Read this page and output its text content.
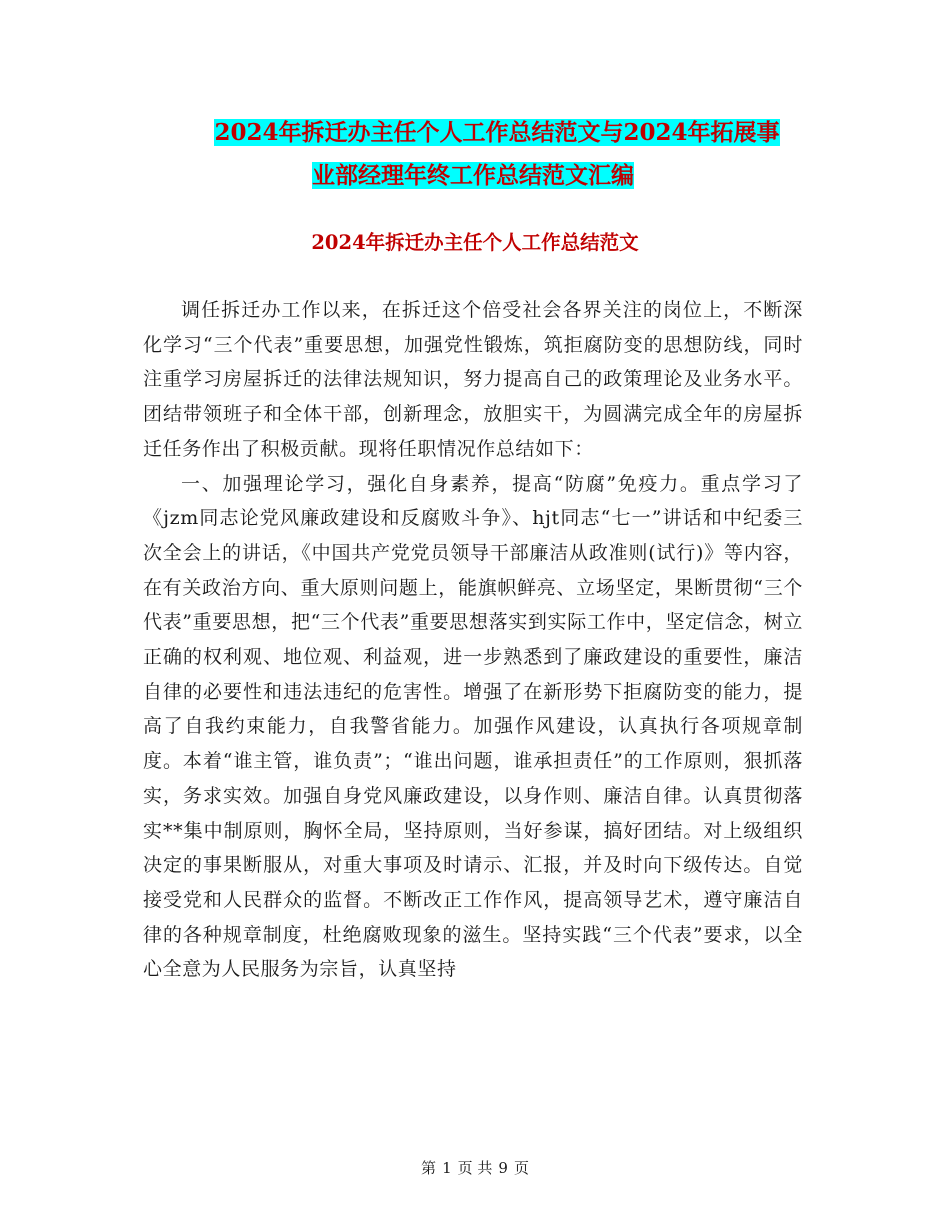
2024年拆迁办主任个人工作总结范文与2024年拓展事
业部经理年终工作总结范文汇编
2024年拆迁办主任个人工作总结范文

调任拆迁办工作以来，在拆迁这个倍受社会各界关注的岗位上，不断深化学习“三个代表”重要思想，加强党性锻炼，筑拒腐防变的思想防线，同时注重学习房屋拆迁的法律法规知识，努力提高自己的政策理论及业务水平。团结带领班子和全体干部，创新理念，放胆实干，为圆满完成全年的房屋拆迁任务作出了积极贡献。现将任职情况作总结如下：

一、加强理论学习，强化自身素养，提高“防腐”免疫力。重点学习了《jzm同志论党风廉政建设和反腐败斗争》、hjt同志“七一”讲话和中纪委三次全会上的讲话，《中国共产党党员领导干部廉洁从政准则(试行)》等内容，在有关政治方向、重大原则问题上，能旗帜鲜亮、立场坚定，果断贯彻“三个代表”重要思想，把“三个代表”重要思想落实到实际工作中，坚定信念，树立正确的权利观、地位观、利益观，进一步熟悉到了廉政建设的重要性，廉洁自律的必要性和违法违纪的危害性。增强了在新形势下拒腐防变的能力，提高了自我约束能力，自我警省能力。加强作风建设，认真执行各项规章制度。本着“谁主管，谁负责”；“谁出问题，谁承担责任”的工作原则，狠抓落实，务求实效。加强自身党风廉政建设，以身作则、廉洁自律。认真贯彻落实**集中制原则，胸怀全局，坚持原则，当好参谋，搞好团结。对上级组织决定的事果断服从，对重大事项及时请示、汇报，并及时向下级传达。自觉接受党和人民群众的监督。不断改正工作作风，提高领导艺术，遵守廉洁自律的各种规章制度，杜绝腐败现象的滋生。坚持实践“三个代表”要求，以全心全意为人民服务为宗旨，认真坚持

第 1 页 共 9 页
